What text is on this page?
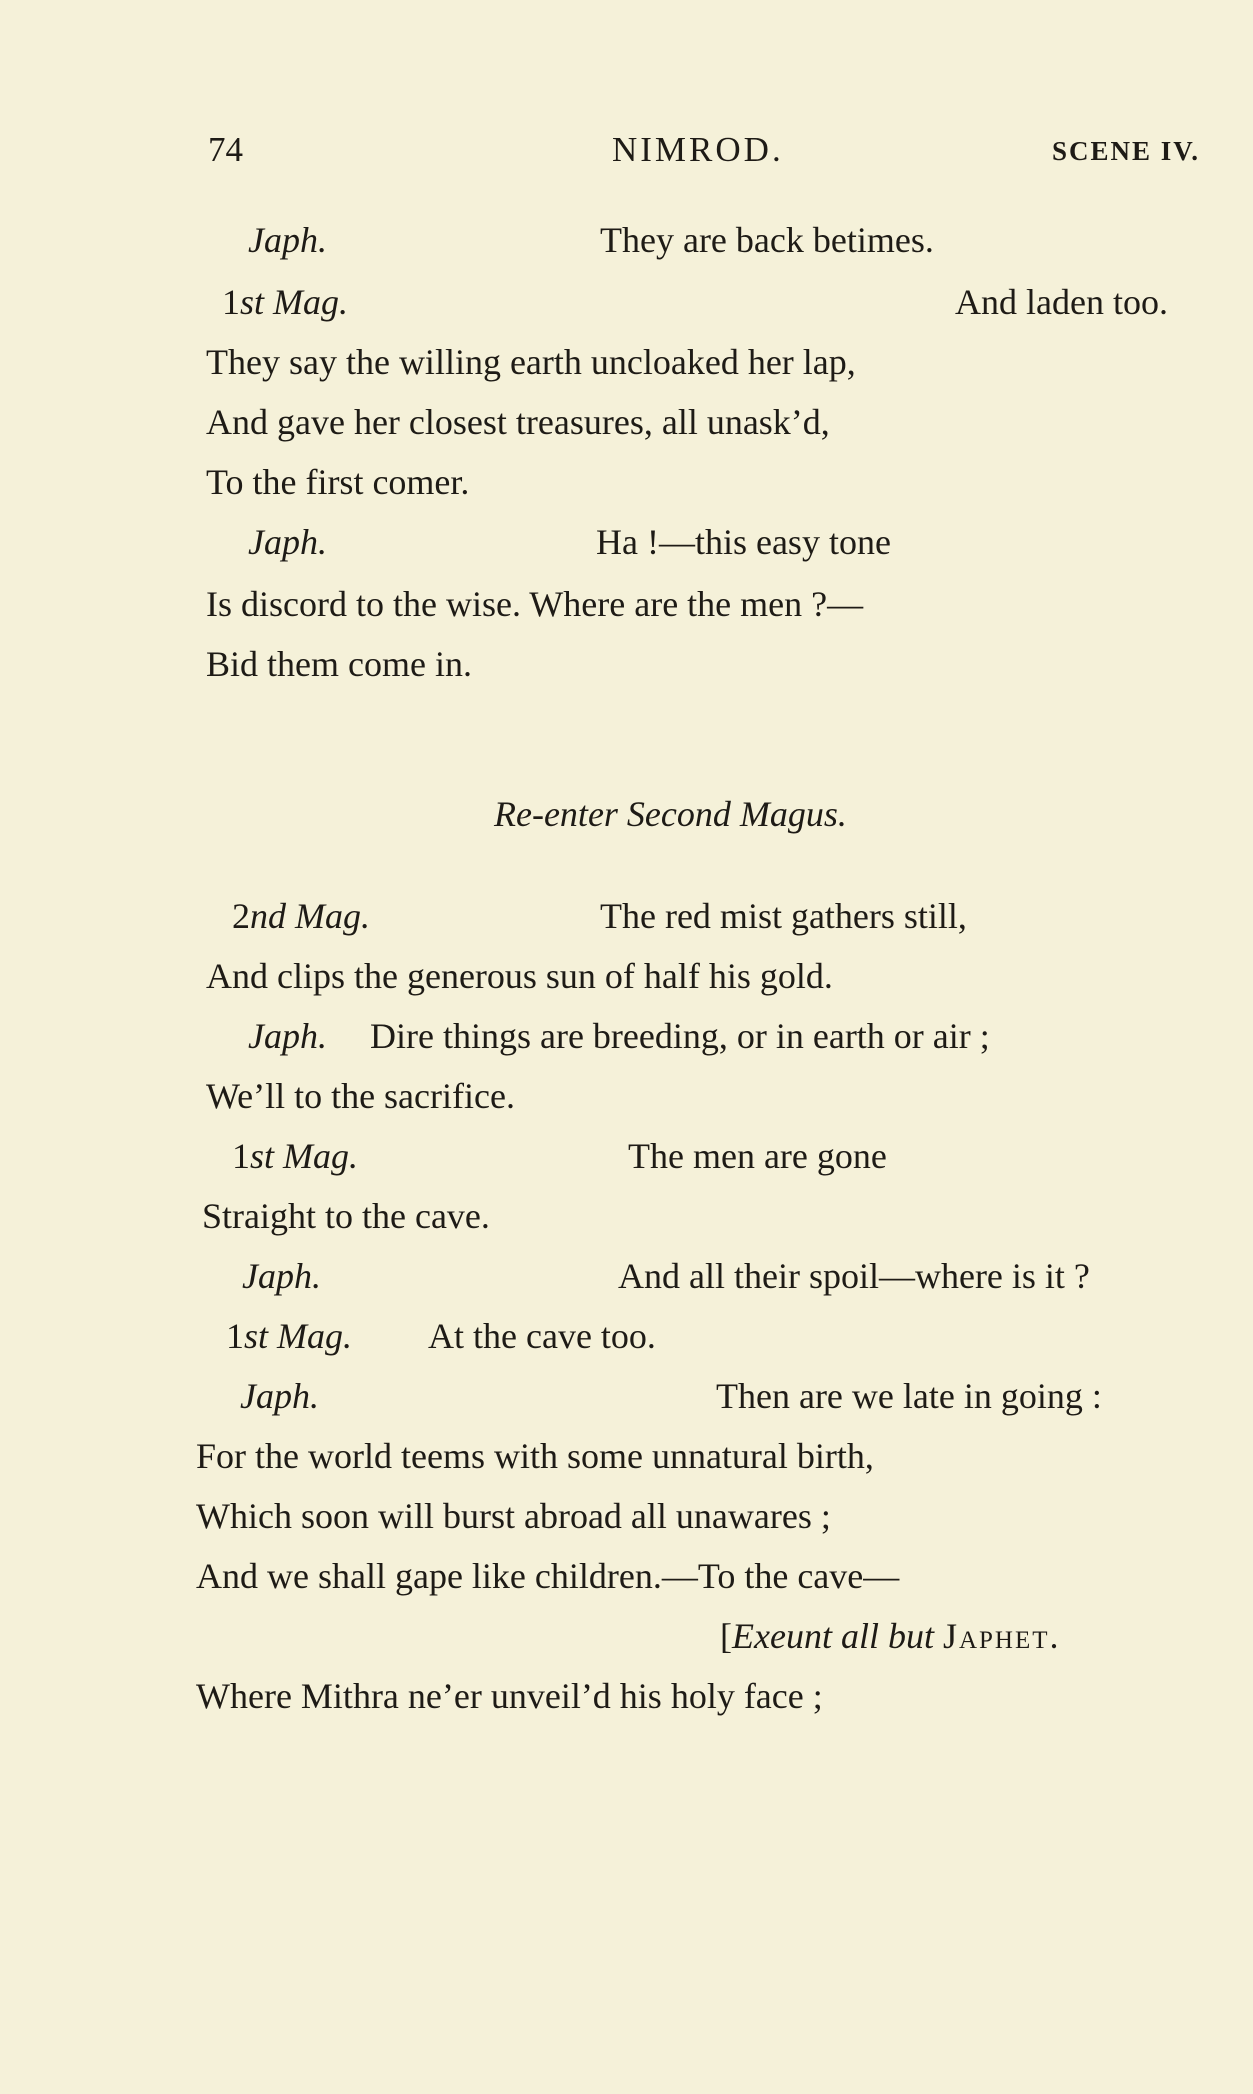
74	NIMROD.	SCENE IV.
Japh.	They are back betimes.
1st Mag.	And laden too.
They say the willing earth uncloaked her lap,
And gave her closest treasures, all unask’d,
To the first comer.
Japh.	Ha !—this easy tone
Is discord to the wise. Where are the men ?—
Bid them come in.
Re-enter Second Magus.
2nd Mag.	The red mist gathers still,
And clips the generous sun of half his gold.
Japh. Dire things are breeding, or in earth or air ;
We’ll to the sacrifice.
1st Mag.	The men are gone
Straight to the cave.
Japh.	And all their spoil—where is it ?
1st Mag. At the cave too.
Japh.	Then are we late in going :
For the world teems with some unnatural birth,
Which soon will burst abroad all unawares ;
And we shall gape like children.—To the cave—
[Exeunt all but Japhet.
Where Mithra ne’er unveil’d his holy face ;
